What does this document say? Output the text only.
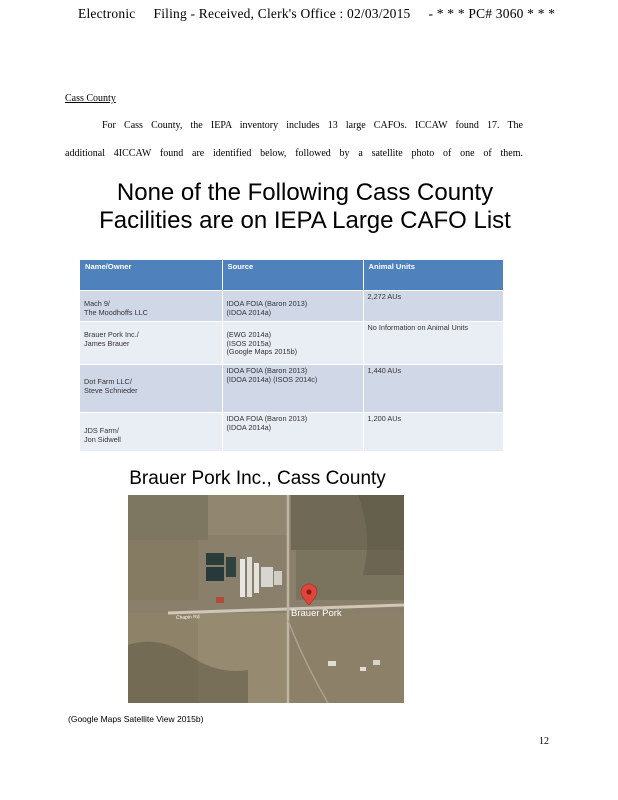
Electronic Filing - Received, Clerk's Office : 02/03/2015 - * * * PC# 3060 * * *
Cass County
For Cass County, the IEPA inventory includes 13 large CAFOs. ICCAW found 17. The
additional 4ICCAW found are identified below, followed by a satellite photo of one of them.
None of the Following Cass County
Facilities are on IEPA Large CAFO List
Name/Owner	Source	Animal Units

Mach 9/
The Moodhoffs LLC	IDOA FOIA (Baron 2013)
(IDOA 2014a)	2,272 AUs

Brauer Pork Inc./
James Brauer	(EWG 2014a)
(ISOS 2015a)
(Google Maps 2015b)	No Information on Animal Units

Dot Farm LLC/
Steve Schnieder	IDOA FOIA (Baron 2013)
(IDOA 2014a) (ISOS 2014c)	1,440 AUs

JDS Farm/
Jon Sidwell	IDOA FOIA (Baron 2013)
(IDOA 2014a)	1,200 AUs
Brauer Pork Inc., Cass County
Chapin Rd	Brauer Pork
(Google Maps Satellite View 2015b)
12
